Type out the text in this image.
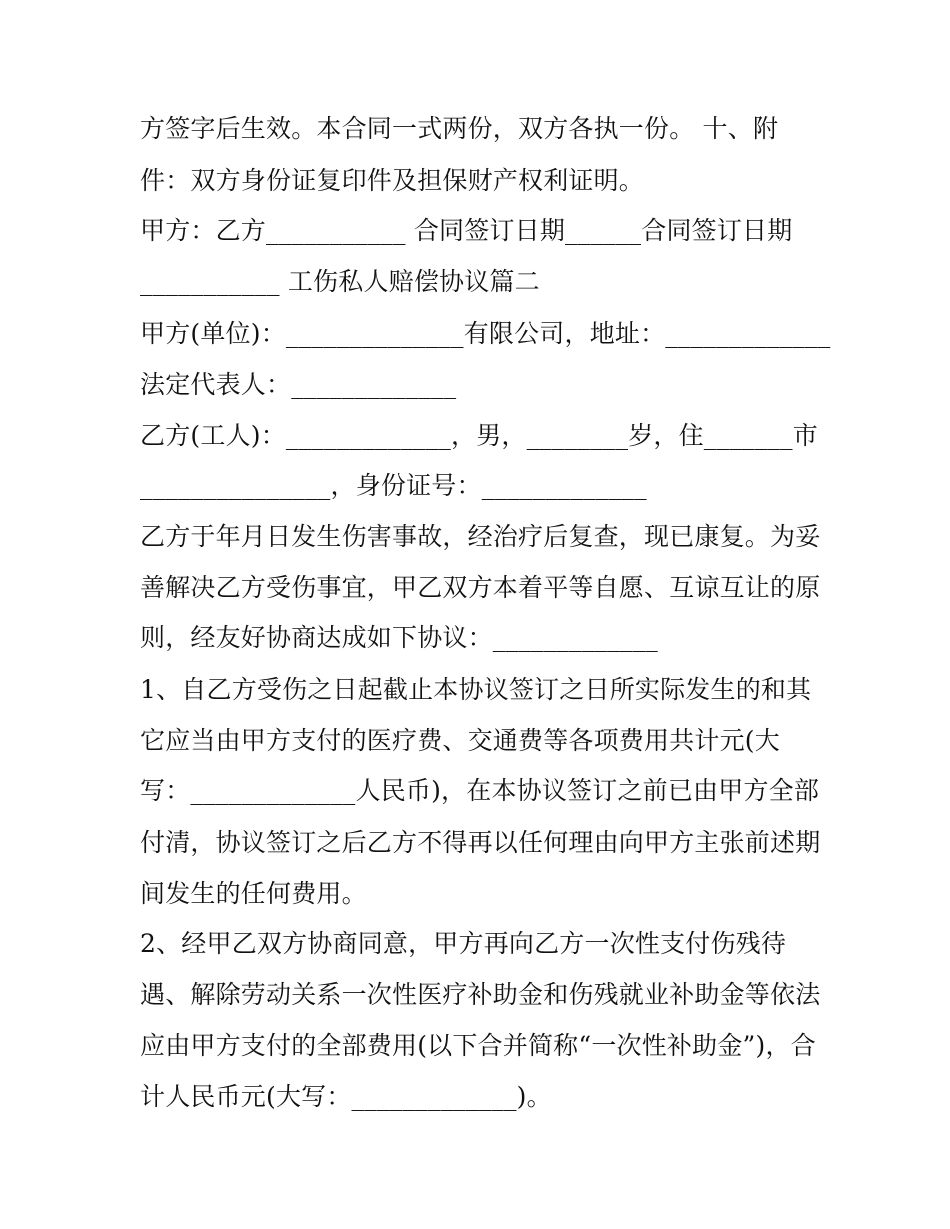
方签字后生效。本合同一式两份，双方各执一份。 十、附
件：双方身份证复印件及担保财产权利证明。
甲方：乙方___________ 合同签订日期______合同签订日期
___________ 工伤私人赔偿协议篇二
甲方(单位)：______________有限公司，地址：_____________
法定代表人：_____________
乙方(工人)：_____________，男，________岁，住_______市
_______________，身份证号：_____________
乙方于年月日发生伤害事故，经治疗后复查，现已康复。为妥
善解决乙方受伤事宜，甲乙双方本着平等自愿、互谅互让的原
则，经友好协商达成如下协议：_____________
1、自乙方受伤之日起截止本协议签订之日所实际发生的和其
它应当由甲方支付的医疗费、交通费等各项费用共计元(大
写：_____________人民币)，在本协议签订之前已由甲方全部
付清，协议签订之后乙方不得再以任何理由向甲方主张前述期
间发生的任何费用。
2、经甲乙双方协商同意，甲方再向乙方一次性支付伤残待
遇、解除劳动关系一次性医疗补助金和伤残就业补助金等依法
应由甲方支付的全部费用(以下合并简称“一次性补助金”)，合
计人民币元(大写：_____________)。
